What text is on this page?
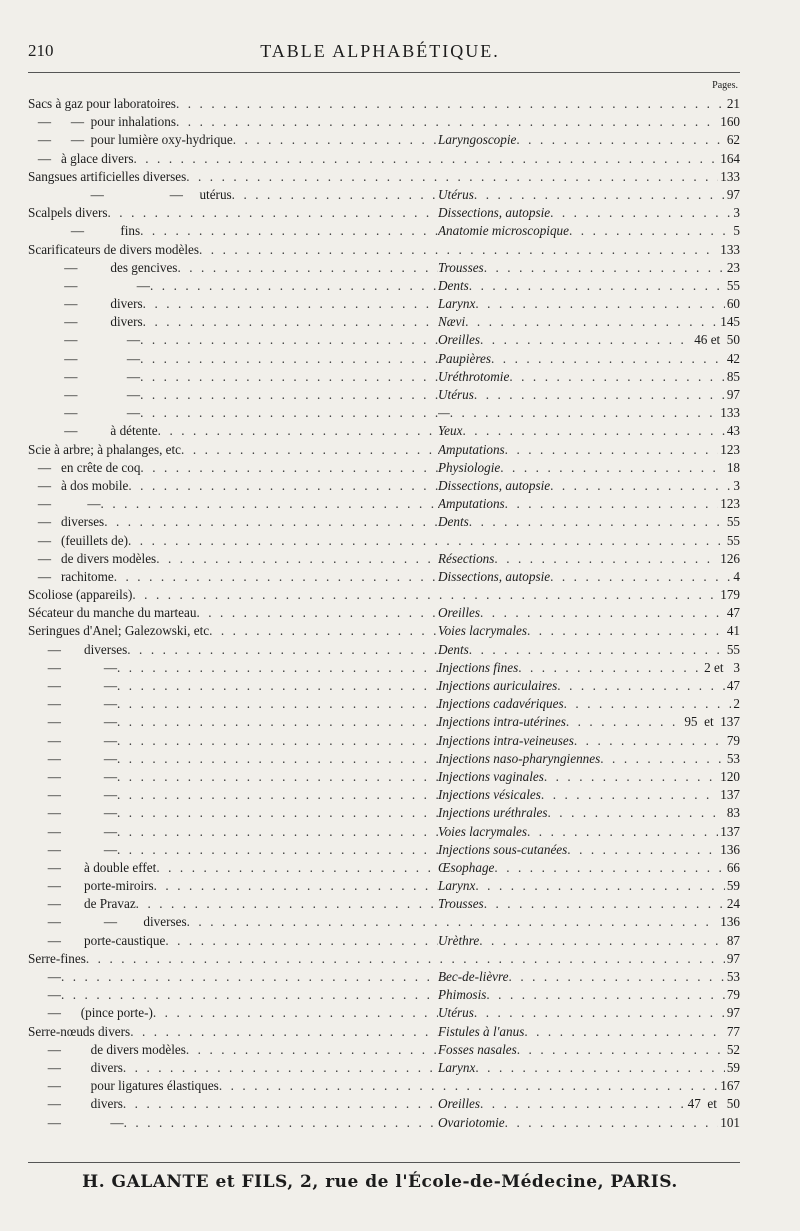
210	TABLE ALPHABÉTIQUE.
Pages.
Sacs à gaz pour laboratoires . . .	21
—      —  pour inhalations . . .	160
—      —  pour lumière oxy-hydrique . . .	Laryngoscopie . . .	62
—   à glace divers . . .	164
Sangsues artificielles diverses . . .	133
—                    —     utérus . . .	Utérus . . .	97
Scalpels divers . . .	Dissections, autopsie . . .	3
—           fins . . .	Anatomie microscopique . . .	5
Scarificateurs de divers modèles . . .	133
—          des gencives . . .	Trousses . . .	23
—                  — . . .	Dents . . .	55
—          divers . . .	Larynx . . .	60
—          divers . . .	Nævi . . .	145
—               — . . .	Oreilles . . .	46 et  50
—               — . . .	Paupières . . .	42
—               — . . .	Uréthrotomie . . .	85
—               — . . .	Utérus . . .	97
—               — . . .	— . . .	133
—          à détente . . .	Yeux . . .	43
Scie à arbre; à phalanges, etc . . .	Amputations . . .	123
—   en crête de coq . . .	Physiologie . . .	18
—   à dos mobile . . .	Dissections, autopsie . . .	3
—           — . . .	Amputations . . .	123
—   diverses . . .	Dents . . .	55
—   (feuillets de) . . .	55
—   de divers modèles . . .	Résections . . .	126
—   rachitome . . .	Dissections, autopsie . . .	4
Scoliose (appareils) . . .	179
Sécateur du manche du marteau . . .	Oreilles . . .	47
Seringues d'Anel; Galezowski, etc . . .	Voies lacrymales . . .	41
—       diverses . . .	Dents . . .	55
—             — . . .	Injections fines . . .	2 et   3
—             — . . .	Injections auriculaires . . .	47
—             — . . .	Injections cadavériques . . .	2
—             — . . .	Injections intra-utérines . . .	95  et  137
—             — . . .	Injections intra-veineuses . . .	79
—             — . . .	Injections naso-pharyngiennes . . .	53
—             — . . .	Injections vaginales . . .	120
—             — . . .	Injections vésicales . . .	137
—             — . . .	Injections uréthrales . . .	83
—             — . . .	Voies lacrymales . . .	137
—             — . . .	Injections sous-cutanées . . .	136
—       à double effet . . .	Œsophage . . .	66
—       porte-miroirs . . .	Larynx . . .	59
—       de Pravaz . . .	Trousses . . .	24
—             —        diverses . . .	136
—       porte-caustique . . .	Urèthre . . .	87
Serre-fines . . .	97
— . . .	Bec-de-lièvre . . .	53
— . . .	Phimosis . . .	79
—      (pince porte-) . . .	Utérus . . .	97
Serre-nœuds divers . . .	Fistules à l'anus . . .	77
—         de divers modèles . . .	Fosses nasales . . .	52
—         divers . . .	Larynx . . .	59
—         pour ligatures élastiques . . .	167
—         divers . . .	Oreilles . . .	47  et   50
—               — . . .	Ovariotomie . . .	101
H. GALANTE et FILS, 2, rue de l'École-de-Médecine, PARIS.
